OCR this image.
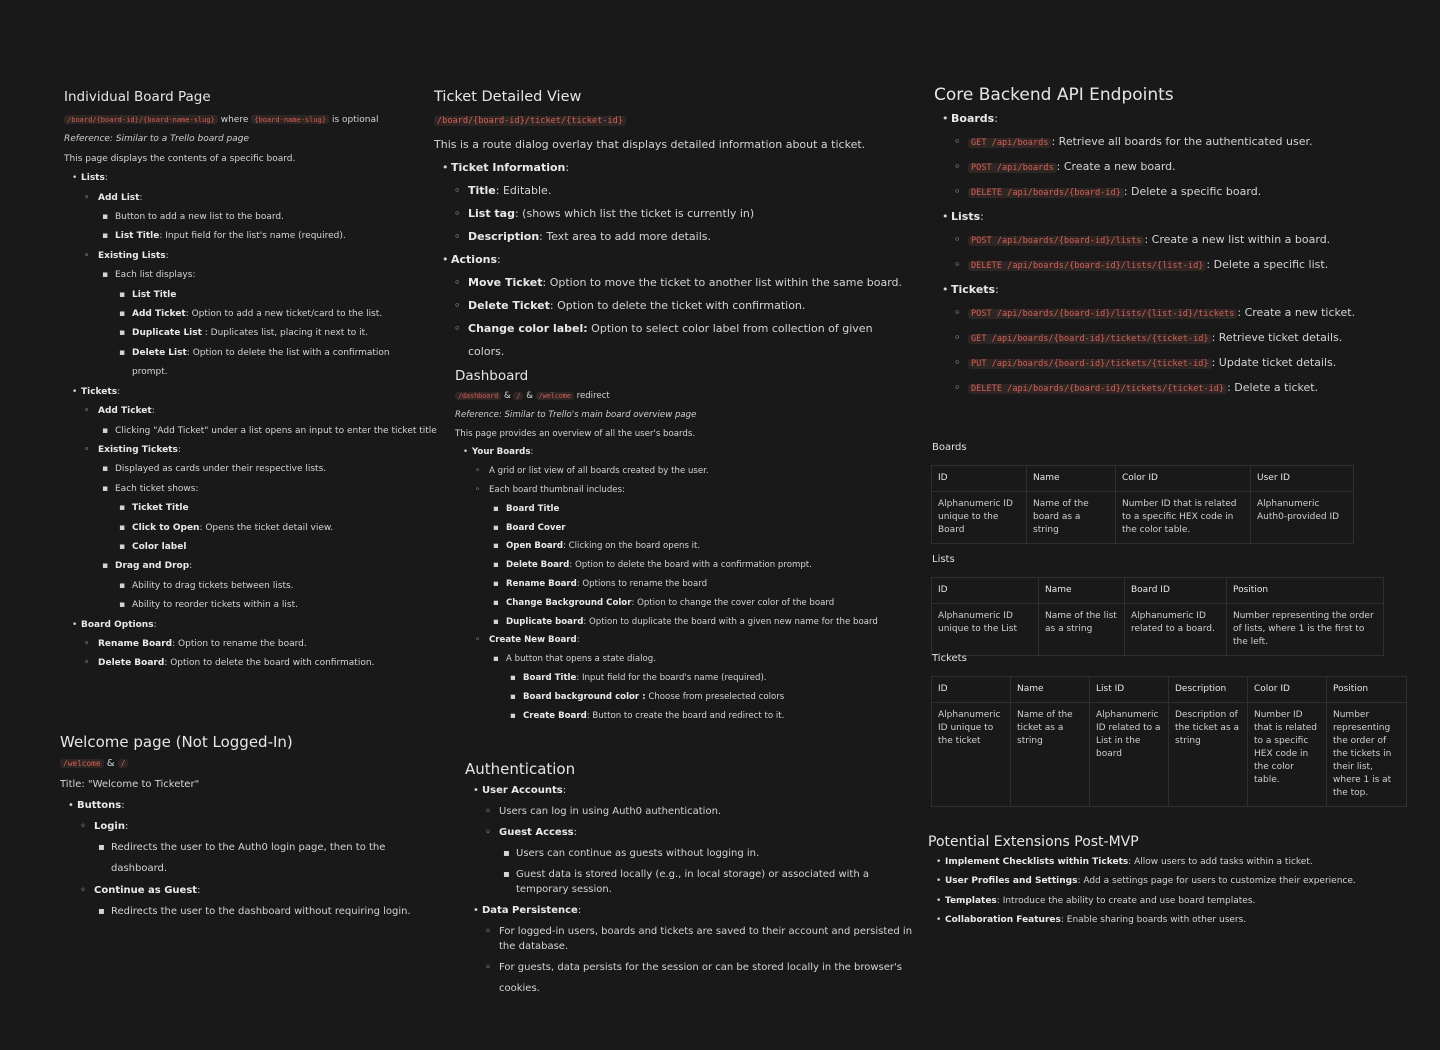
Individual Board Page
/board/{board-id}/{board-name-slug} where {board-name-slug} is optional
Reference: Similar to a Trello board page
This page displays the contents of a specific board.
• Lists:
◦ Add List:
▪ Button to add a new list to the board.
▪ List Title: Input field for the list's name (required).
◦ Existing Lists:
▪ Each list displays:
▪ List Title
▪ Add Ticket: Option to add a new ticket/card to the list.
▪ Duplicate List : Duplicates list, placing it next to it.
▪ Delete List: Option to delete the list with a confirmation prompt.
• Tickets:
◦ Add Ticket:
▪ Clicking "Add Ticket" under a list opens an input to enter the ticket title
◦ Existing Tickets:
▪ Displayed as cards under their respective lists.
▪ Each ticket shows:
▪ Ticket Title
▪ Click to Open: Opens the ticket detail view.
▪ Color label
▪ Drag and Drop:
▪ Ability to drag tickets between lists.
▪ Ability to reorder tickets within a list.
• Board Options:
◦ Rename Board: Option to rename the board.
◦ Delete Board: Option to delete the board with confirmation.
Welcome page (Not Logged-In)
/welcome & /
Title: "Welcome to Ticketer"
• Buttons:
◦ Login:
▪ Redirects the user to the Auth0 login page, then to the dashboard.
◦ Continue as Guest:
▪ Redirects the user to the dashboard without requiring login.
Ticket Detailed View
/board/{board-id}/ticket/{ticket-id}
This is a route dialog overlay that displays detailed information about a ticket.
• Ticket Information:
◦ Title: Editable.
◦ List tag: (shows which list the ticket is currently in)
◦ Description: Text area to add more details.
• Actions:
◦ Move Ticket: Option to move the ticket to another list within the same board.
◦ Delete Ticket: Option to delete the ticket with confirmation.
◦ Change color label: Option to select color label from collection of given colors.
Dashboard
/dashboard & / & /welcome redirect
Reference: Similar to Trello's main board overview page
This page provides an overview of all the user's boards.
• Your Boards:
◦ A grid or list view of all boards created by the user.
◦ Each board thumbnail includes:
▪ Board Title
▪ Board Cover
▪ Open Board: Clicking on the board opens it.
▪ Delete Board: Option to delete the board with a confirmation prompt.
▪ Rename Board: Options to rename the board
▪ Change Background Color: Option to change the cover color of the board
▪ Duplicate board: Option to duplicate the board with a given new name for the board
◦ Create New Board:
▪ A button that opens a state dialog.
▪ Board Title: Input field for the board's name (required).
▪ Board background color : Choose from preselected colors
▪ Create Board: Button to create the board and redirect to it.
Authentication
• User Accounts:
◦ Users can log in using Auth0 authentication.
◦ Guest Access:
▪ Users can continue as guests without logging in.
▪ Guest data is stored locally (e.g., in local storage) or associated with a temporary session.
• Data Persistence:
◦ For logged-in users, boards and tickets are saved to their account and persisted in the database.
◦ For guests, data persists for the session or can be stored locally in the browser's cookies.
Core Backend API Endpoints
• Boards:
◦ GET /api/boards : Retrieve all boards for the authenticated user.
◦ POST /api/boards : Create a new board.
◦ DELETE /api/boards/{board-id} : Delete a specific board.
• Lists:
◦ POST /api/boards/{board-id}/lists : Create a new list within a board.
◦ DELETE /api/boards/{board-id}/lists/{list-id} : Delete a specific list.
• Tickets:
◦ POST /api/boards/{board-id}/lists/{list-id}/tickets : Create a new ticket.
◦ GET /api/boards/{board-id}/tickets/{ticket-id} : Retrieve ticket details.
◦ PUT /api/boards/{board-id}/tickets/{ticket-id} : Update ticket details.
◦ DELETE /api/boards/{board-id}/tickets/{ticket-id} : Delete a ticket.
Boards
ID	Name	Color ID	User ID
Alphanumeric ID unique to the Board	Name of the board as a string	Number ID that is related to a specific HEX code in the color table.	Alphanumeric Auth0-provided ID
Lists
ID	Name	Board ID	Position
Alphanumeric ID unique to the List	Name of the list as a string	Alphanumeric ID related to a board.	Number representing the order of lists, where 1 is the first to the left.
Tickets
ID	Name	List ID	Description	Color ID	Position
Alphanumeric ID unique to the ticket	Name of the ticket as a string	Alphanumeric ID related to a List in the board	Description of the ticket as a string	Number ID that is related to a specific HEX code in the color table.	Number representing the order of the tickets in their list, where 1 is at the top.
Potential Extensions Post-MVP
• Implement Checklists within Tickets: Allow users to add tasks within a ticket.
• User Profiles and Settings: Add a settings page for users to customize their experience.
• Templates: Introduce the ability to create and use board templates.
• Collaboration Features: Enable sharing boards with other users.
